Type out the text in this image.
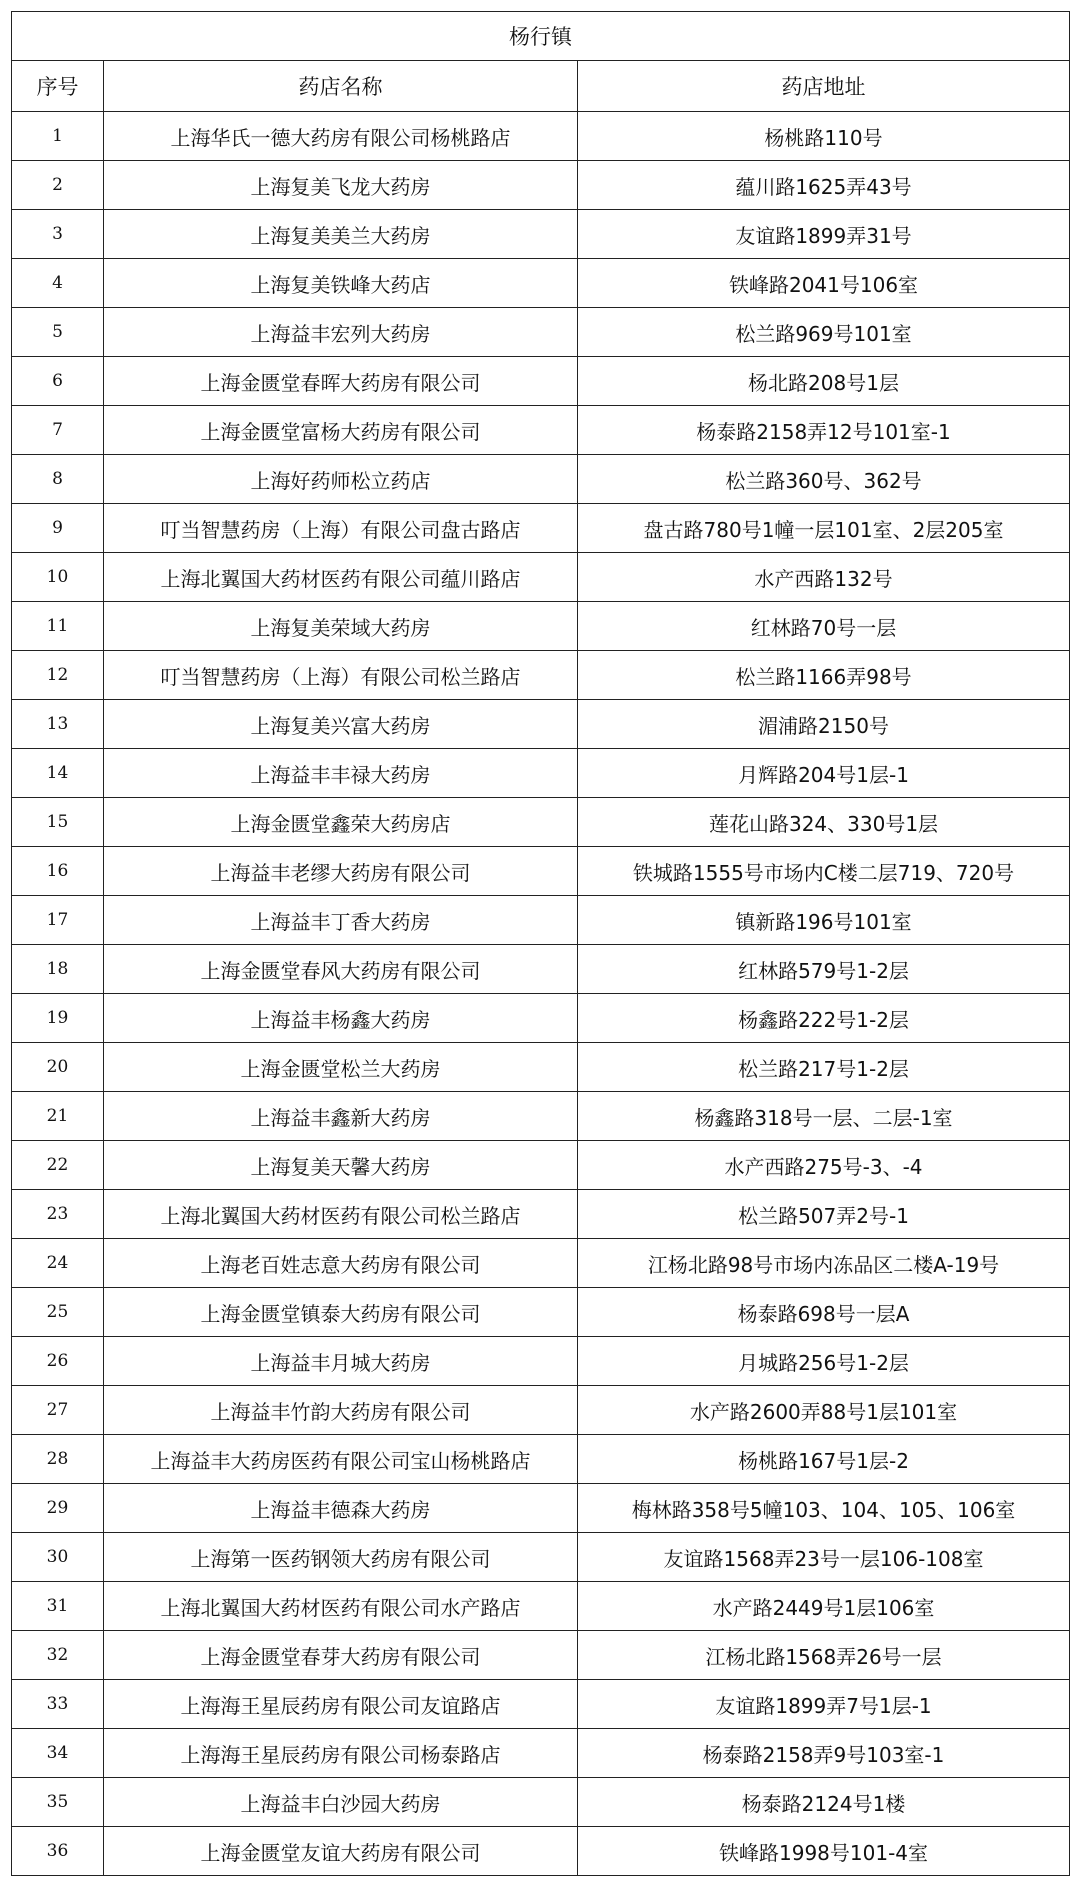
杨行镇		
序号	药店名称	药店地址
1	上海华氏一德大药房有限公司杨桃路店	杨桃路110号
2	上海复美飞龙大药房	蕴川路1625弄43号
3	上海复美美兰大药房	友谊路1899弄31号
4	上海复美铁峰大药店	铁峰路2041号106室
5	上海益丰宏列大药房	松兰路969号101室
6	上海金匮堂春晖大药房有限公司	杨北路208号1层
7	上海金匮堂富杨大药房有限公司	杨泰路2158弄12号101室-1
8	上海好药师松立药店	松兰路360号、362号
9	叮当智慧药房（上海）有限公司盘古路店	盘古路780号1幢一层101室、2层205室
10	上海北翼国大药材医药有限公司蕴川路店	水产西路132号
11	上海复美荣域大药房	红林路70号一层
12	叮当智慧药房（上海）有限公司松兰路店	松兰路1166弄98号
13	上海复美兴富大药房	湄浦路2150号
14	上海益丰丰禄大药房	月辉路204号1层-1
15	上海金匮堂鑫荣大药房店	莲花山路324、330号1层
16	上海益丰老缪大药房有限公司	铁城路1555号市场内C楼二层719、720号
17	上海益丰丁香大药房	镇新路196号101室
18	上海金匮堂春风大药房有限公司	红林路579号1-2层
19	上海益丰杨鑫大药房	杨鑫路222号1-2层
20	上海金匮堂松兰大药房	松兰路217号1-2层
21	上海益丰鑫新大药房	杨鑫路318号一层、二层-1室
22	上海复美天馨大药房	水产西路275号-3、-4
23	上海北翼国大药材医药有限公司松兰路店	松兰路507弄2号-1
24	上海老百姓志意大药房有限公司	江杨北路98号市场内冻品区二楼A-19号
25	上海金匮堂镇泰大药房有限公司	杨泰路698号一层A
26	上海益丰月城大药房	月城路256号1-2层
27	上海益丰竹韵大药房有限公司	水产路2600弄88号1层101室
28	上海益丰大药房医药有限公司宝山杨桃路店	杨桃路167号1层-2
29	上海益丰德森大药房	梅林路358号5幢103、104、105、106室
30	上海第一医药钢领大药房有限公司	友谊路1568弄23号一层106-108室
31	上海北翼国大药材医药有限公司水产路店	水产路2449号1层106室
32	上海金匮堂春芽大药房有限公司	江杨北路1568弄26号一层
33	上海海王星辰药房有限公司友谊路店	友谊路1899弄7号1层-1
34	上海海王星辰药房有限公司杨泰路店	杨泰路2158弄9号103室-1
35	上海益丰白沙园大药房	杨泰路2124号1楼
36	上海金匮堂友谊大药房有限公司	铁峰路1998号101-4室
